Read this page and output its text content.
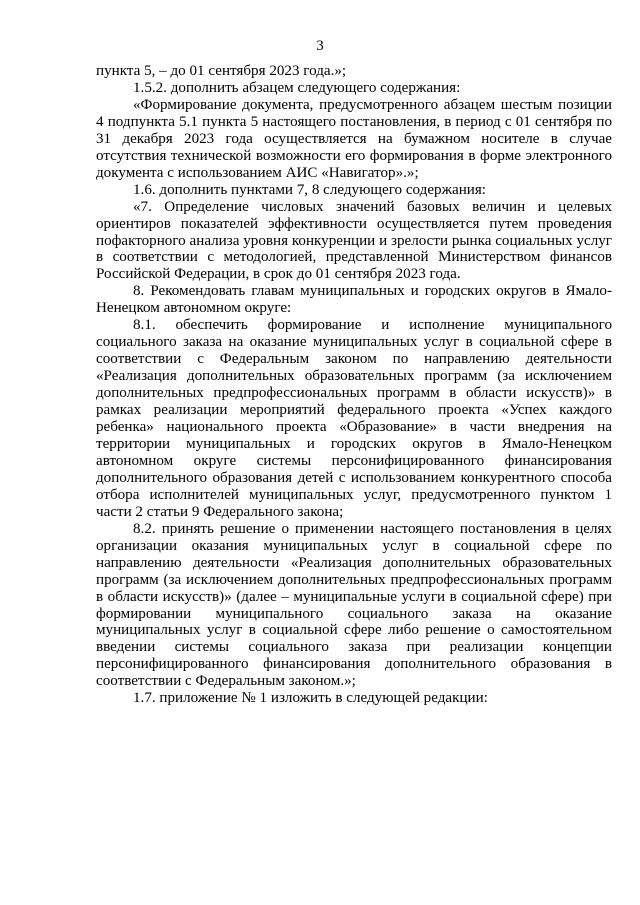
3

пункта 5, – до 01 сентября 2023 года.»;

1.5.2. дополнить абзацем следующего содержания:

«Формирование документа, предусмотренного абзацем шестым позиции 4 подпункта 5.1 пункта 5 настоящего постановления, в период с 01 сентября по 31 декабря 2023 года осуществляется на бумажном носителе в случае отсутствия технической возможности его формирования в форме электронного документа с использованием АИС «Навигатор».»;

1.6. дополнить пунктами 7, 8 следующего содержания:

«7. Определение числовых значений базовых величин и целевых ориентиров показателей эффективности осуществляется путем проведения пофакторного анализа уровня конкуренции и зрелости рынка социальных услуг в соответствии с методологией, представленной Министерством финансов Российской Федерации, в срок до 01 сентября 2023 года.

8. Рекомендовать главам муниципальных и городских округов в Ямало-Ненецком автономном округе:

8.1. обеспечить формирование и исполнение муниципального социального заказа на оказание муниципальных услуг в социальной сфере в соответствии с Федеральным законом по направлению деятельности «Реализация дополнительных образовательных программ (за исключением дополнительных предпрофессиональных программ в области искусств)» в рамках реализации мероприятий федерального проекта «Успех каждого ребенка» национального проекта «Образование» в части внедрения на территории муниципальных и городских округов в Ямало-Ненецком автономном округе системы персонифицированного финансирования дополнительного образования детей с использованием конкурентного способа отбора исполнителей муниципальных услуг, предусмотренного пунктом 1 части 2 статьи 9 Федерального закона;

8.2. принять решение о применении настоящего постановления в целях организации оказания муниципальных услуг в социальной сфере по направлению деятельности «Реализация дополнительных образовательных программ (за исключением дополнительных предпрофессиональных программ в области искусств)» (далее – муниципальные услуги в социальной сфере) при формировании муниципального социального заказа на оказание муниципальных услуг в социальной сфере либо решение о самостоятельном введении системы социального заказа при реализации концепции персонифицированного финансирования дополнительного образования в соответствии с Федеральным законом.»;

1.7. приложение № 1 изложить в следующей редакции:
